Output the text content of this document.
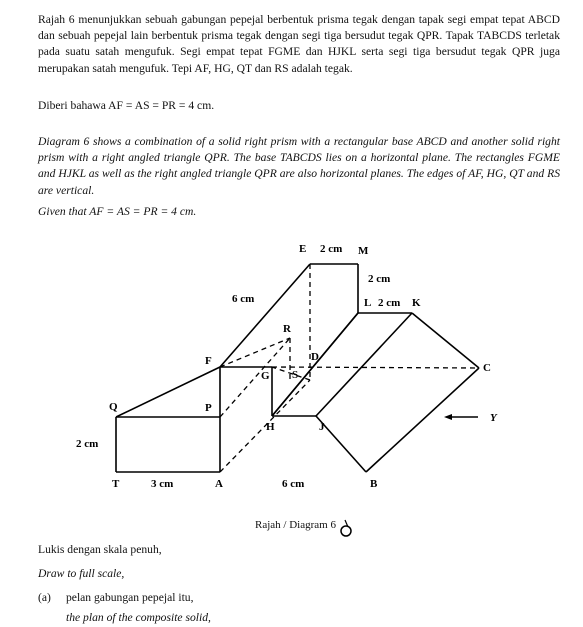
Rajah 6 menunjukkan sebuah gabungan pepejal berbentuk prisma tegak dengan tapak segi empat tepat ABCD dan sebuah pepejal lain berbentuk prisma tegak dengan segi tiga bersudut tegak QPR. Tapak TABCDS terletak pada suatu satah mengufuk. Segi empat tepat FGME dan HJKL serta segi tiga bersudut tegak QPR juga merupakan satah mengufuk. Tepi AF, HG, QT dan RS adalah tegak.
Diberi bahawa AF = AS = PR = 4 cm.
Diagram 6 shows a combination of a solid right prism with a rectangular base ABCD and another solid right prism with a right angled triangle QPR. The base TABCDS lies on a horizontal plane. The rectangles FGME and HJKL as well as the right angled triangle QPR are also horizontal planes. The edges of AF, HG, QT and RS are vertical.
Given that AF = AS = PR = 4 cm.
E 2 cm M
2 cm
L 2 cm K
6 cm
R
F
G S
D
C
Q	P
H	J
Y
2 cm
T	3 cm	A	6 cm	B
Rajah / Diagram 6
Lukis dengan skala penuh,
Draw to full scale,
(a) pelan gabungan pepejal itu,
the plan of the composite solid,
